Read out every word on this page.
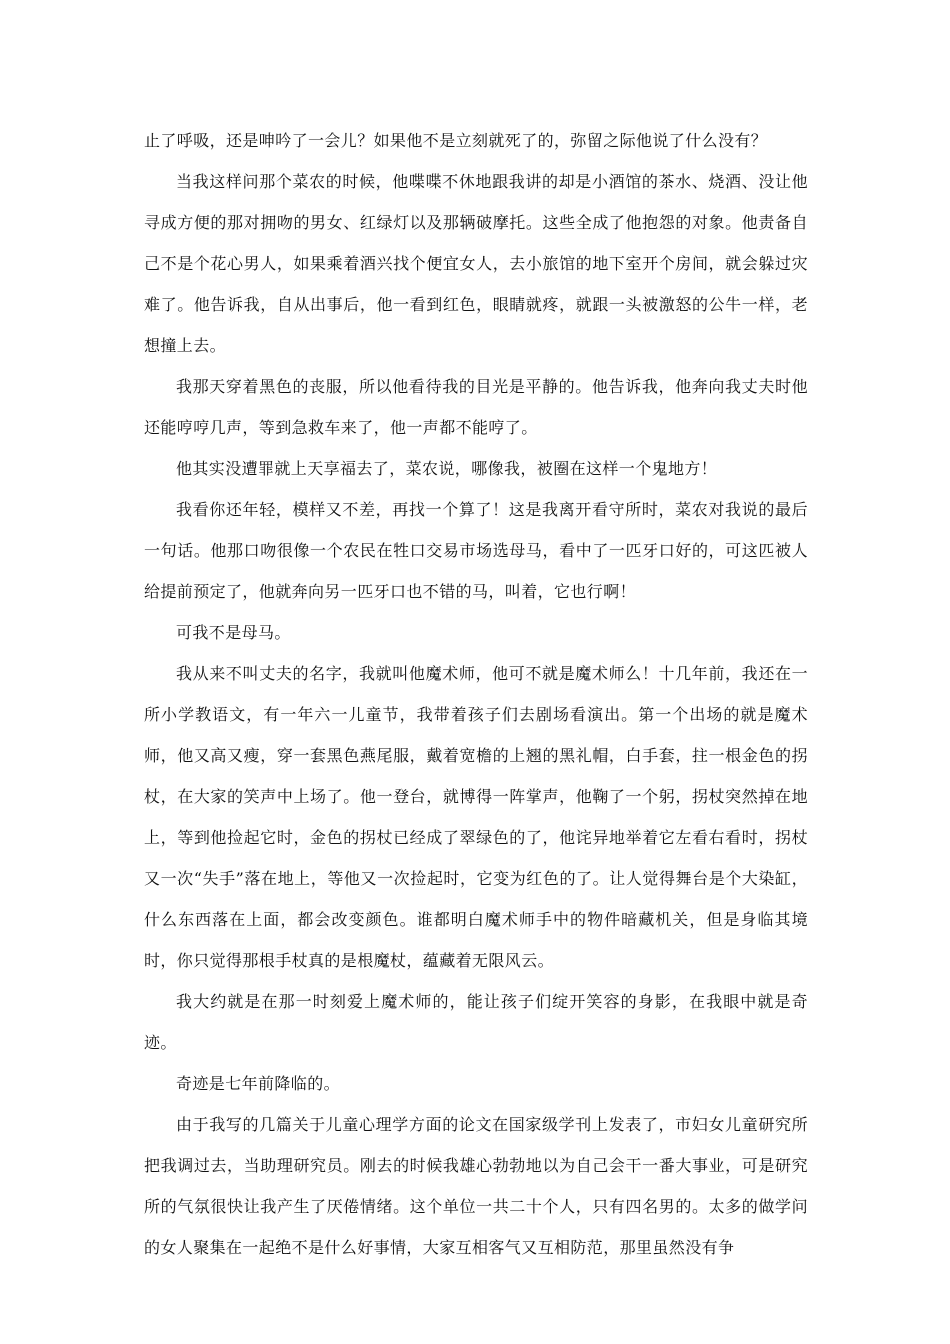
止了呼吸，还是呻吟了一会儿？如果他不是立刻就死了的，弥留之际他说了什么没有？

当我这样问那个菜农的时候，他喋喋不休地跟我讲的却是小酒馆的茶水、烧酒、没让他寻成方便的那对拥吻的男女、红绿灯以及那辆破摩托。这些全成了他抱怨的对象。他责备自己不是个花心男人，如果乘着酒兴找个便宜女人，去小旅馆的地下室开个房间，就会躲过灾难了。他告诉我，自从出事后，他一看到红色，眼睛就疼，就跟一头被激怒的公牛一样，老想撞上去。

我那天穿着黑色的丧服，所以他看待我的目光是平静的。他告诉我，他奔向我丈夫时他还能哼哼几声，等到急救车来了，他一声都不能哼了。

他其实没遭罪就上天享福去了，菜农说，哪像我，被圈在这样一个鬼地方！

我看你还年轻，模样又不差，再找一个算了！这是我离开看守所时，菜农对我说的最后一句话。他那口吻很像一个农民在牲口交易市场选母马，看中了一匹牙口好的，可这匹被人给提前预定了，他就奔向另一匹牙口也不错的马，叫着，它也行啊！

可我不是母马。

我从来不叫丈夫的名字，我就叫他魔术师，他可不就是魔术师么！十几年前，我还在一所小学教语文，有一年六一儿童节，我带着孩子们去剧场看演出。第一个出场的就是魔术师，他又高又瘦，穿一套黑色燕尾服，戴着宽檐的上翘的黑礼帽，白手套，拄一根金色的拐杖，在大家的笑声中上场了。他一登台，就博得一阵掌声，他鞠了一个躬，拐杖突然掉在地上，等到他捡起它时，金色的拐杖已经成了翠绿色的了，他诧异地举着它左看右看时，拐杖又一次“失手”落在地上，等他又一次捡起时，它变为红色的了。让人觉得舞台是个大染缸，什么东西落在上面，都会改变颜色。谁都明白魔术师手中的物件暗藏机关，但是身临其境时，你只觉得那根手杖真的是根魔杖，蕴藏着无限风云。

我大约就是在那一时刻爱上魔术师的，能让孩子们绽开笑容的身影，在我眼中就是奇迹。

奇迹是七年前降临的。

由于我写的几篇关于儿童心理学方面的论文在国家级学刊上发表了，市妇女儿童研究所把我调过去，当助理研究员。刚去的时候我雄心勃勃地以为自己会干一番大事业，可是研究所的气氛很快让我产生了厌倦情绪。这个单位一共二十个人，只有四名男的。太多的做学问的女人聚集在一起绝不是什么好事情，大家互相客气又互相防范，那里虽然没有争
